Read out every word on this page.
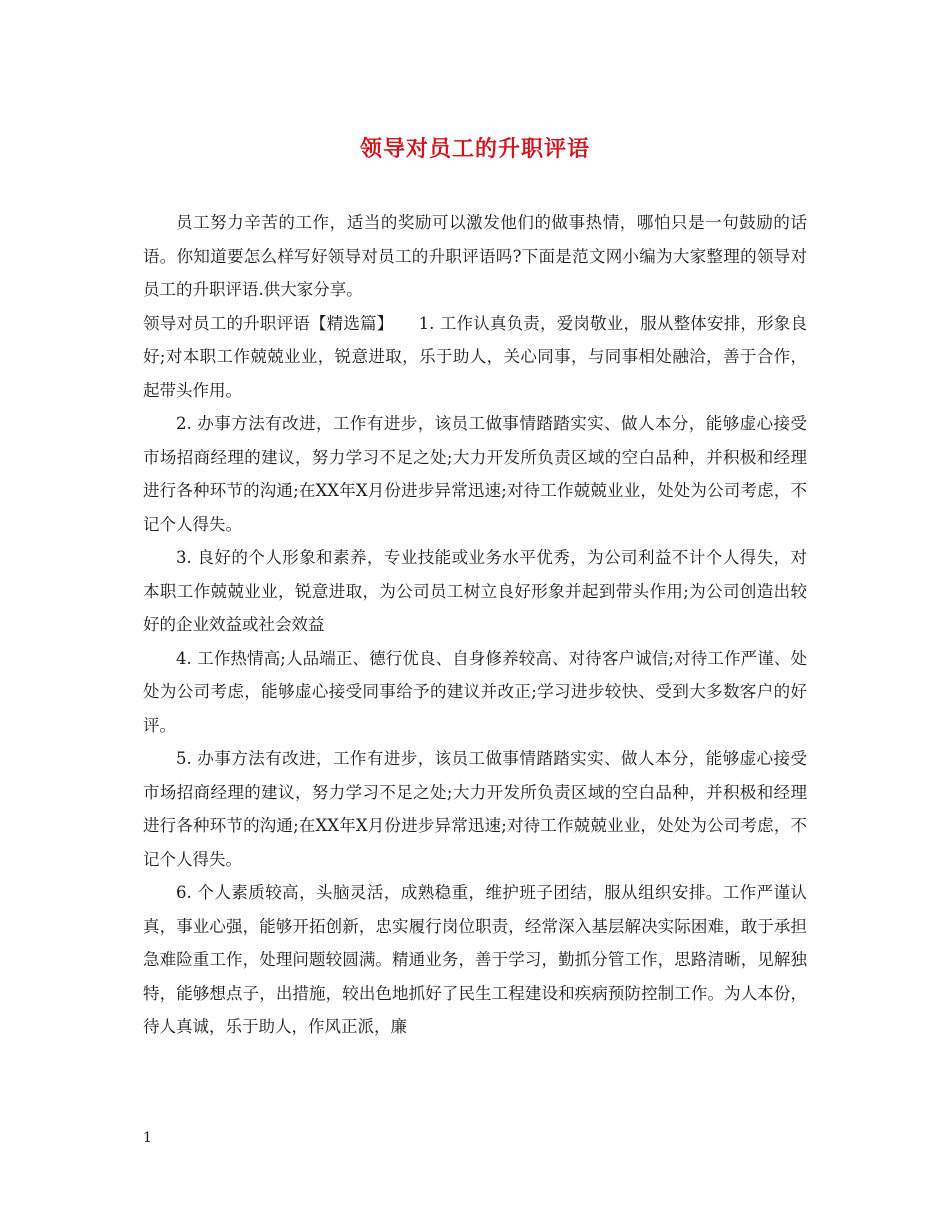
领导对员工的升职评语

员工努力辛苦的工作，适当的奖励可以激发他们的做事热情，哪怕只是一句鼓励的话语。你知道要怎么样写好领导对员工的升职评语吗?下面是范文网小编为大家整理的领导对员工的升职评语.供大家分享。

领导对员工的升职评语【精选篇】　　1. 工作认真负责，爱岗敬业，服从整体安排，形象良好;对本职工作兢兢业业，锐意进取，乐于助人，关心同事，与同事相处融洽，善于合作，起带头作用。

2. 办事方法有改进，工作有进步，该员工做事情踏踏实实、做人本分，能够虚心接受市场招商经理的建议，努力学习不足之处;大力开发所负责区域的空白品种，并积极和经理进行各种环节的沟通;在XX年X月份进步异常迅速;对待工作兢兢业业，处处为公司考虑，不记个人得失。

3. 良好的个人形象和素养，专业技能或业务水平优秀，为公司利益不计个人得失，对本职工作兢兢业业，锐意进取，为公司员工树立良好形象并起到带头作用;为公司创造出较好的企业效益或社会效益

4. 工作热情高;人品端正、德行优良、自身修养较高、对待客户诚信;对待工作严谨、处处为公司考虑，能够虚心接受同事给予的建议并改正;学习进步较快、受到大多数客户的好评。

5. 办事方法有改进，工作有进步，该员工做事情踏踏实实、做人本分，能够虚心接受市场招商经理的建议，努力学习不足之处;大力开发所负责区域的空白品种，并积极和经理进行各种环节的沟通;在XX年X月份进步异常迅速;对待工作兢兢业业，处处为公司考虑，不记个人得失。

6. 个人素质较高，头脑灵活，成熟稳重，维护班子团结，服从组织安排。工作严谨认真，事业心强，能够开拓创新，忠实履行岗位职责，经常深入基层解决实际困难，敢于承担急难险重工作，处理问题较圆满。精通业务，善于学习，勤抓分管工作，思路清晰，见解独特，能够想点子，出措施，较出色地抓好了民生工程建设和疾病预防控制工作。为人本份，待人真诚，乐于助人，作风正派，廉

1
